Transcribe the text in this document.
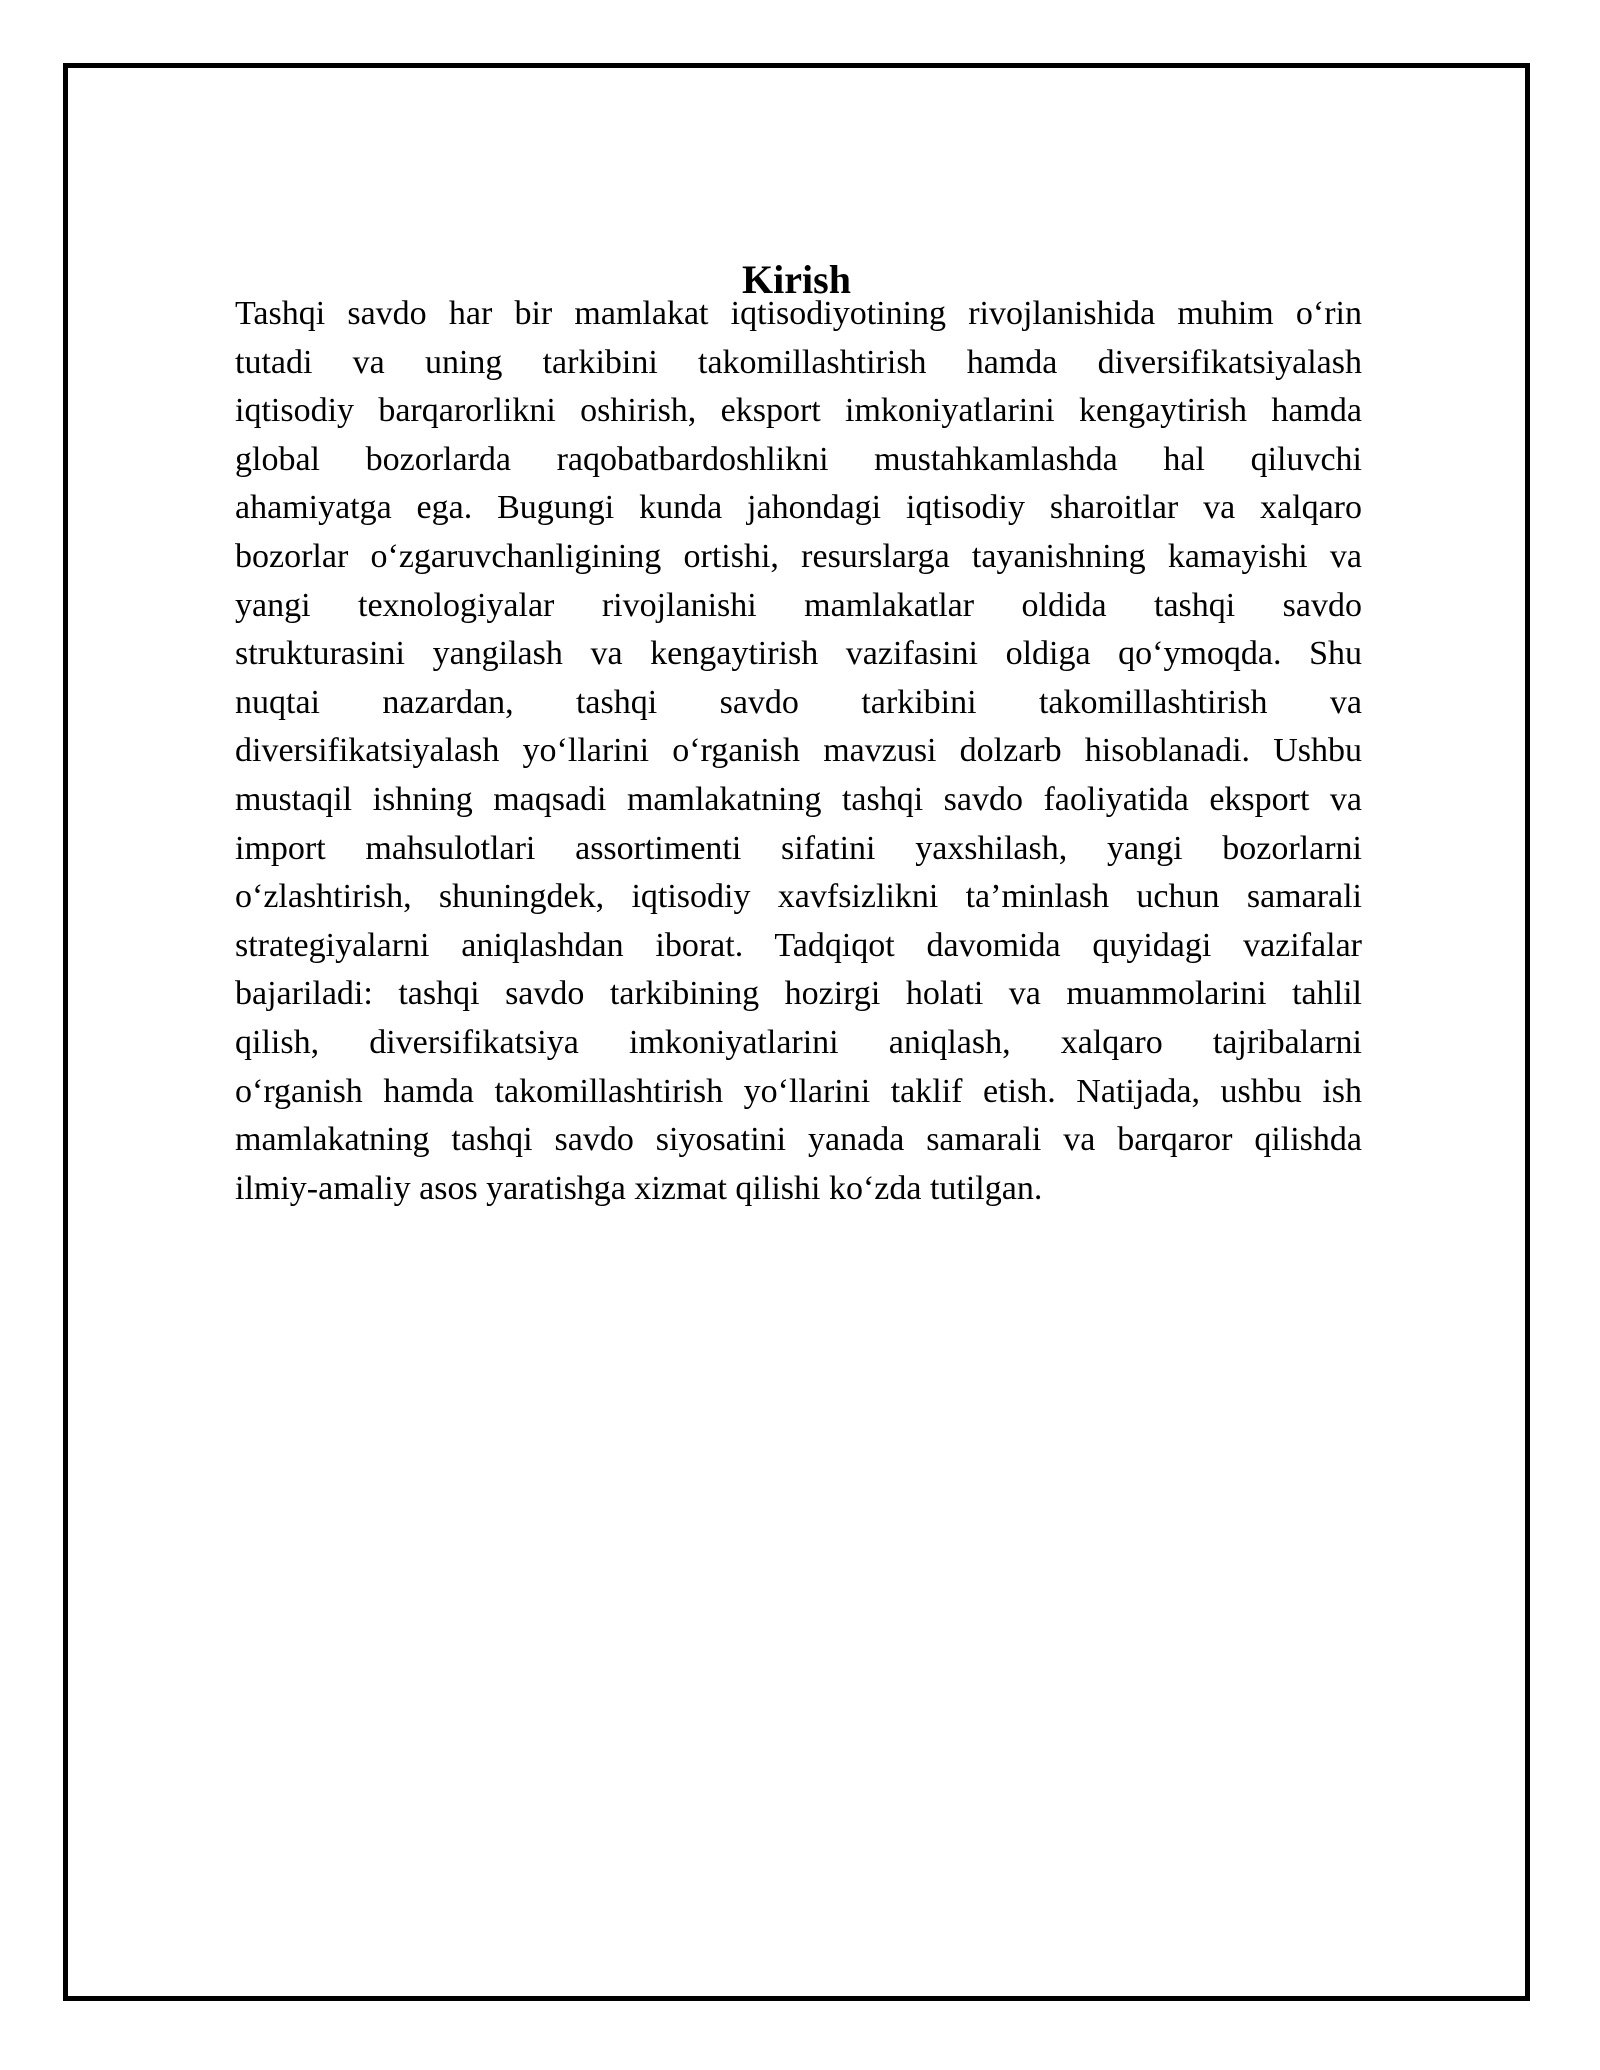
Kirish
Tashqi savdo har bir mamlakat iqtisodiyotining rivojlanishida muhim o‘rin
tutadi va uning tarkibini takomillashtirish hamda diversifikatsiyalash
iqtisodiy barqarorlikni oshirish, eksport imkoniyatlarini kengaytirish hamda
global bozorlarda raqobatbardoshlikni mustahkamlashda hal qiluvchi
ahamiyatga ega. Bugungi kunda jahondagi iqtisodiy sharoitlar va xalqaro
bozorlar o‘zgaruvchanligining ortishi, resurslarga tayanishning kamayishi va
yangi texnologiyalar rivojlanishi mamlakatlar oldida tashqi savdo
strukturasini yangilash va kengaytirish vazifasini oldiga qo‘ymoqda. Shu
nuqtai nazardan, tashqi savdo tarkibini takomillashtirish va
diversifikatsiyalash yo‘llarini o‘rganish mavzusi dolzarb hisoblanadi. Ushbu
mustaqil ishning maqsadi mamlakatning tashqi savdo faoliyatida eksport va
import mahsulotlari assortimenti sifatini yaxshilash, yangi bozorlarni
o‘zlashtirish, shuningdek, iqtisodiy xavfsizlikni ta’minlash uchun samarali
strategiyalarni aniqlashdan iborat. Tadqiqot davomida quyidagi vazifalar
bajariladi: tashqi savdo tarkibining hozirgi holati va muammolarini tahlil
qilish, diversifikatsiya imkoniyatlarini aniqlash, xalqaro tajribalarni
o‘rganish hamda takomillashtirish yo‘llarini taklif etish. Natijada, ushbu ish
mamlakatning tashqi savdo siyosatini yanada samarali va barqaror qilishda
ilmiy-amaliy asos yaratishga xizmat qilishi ko‘zda tutilgan.
